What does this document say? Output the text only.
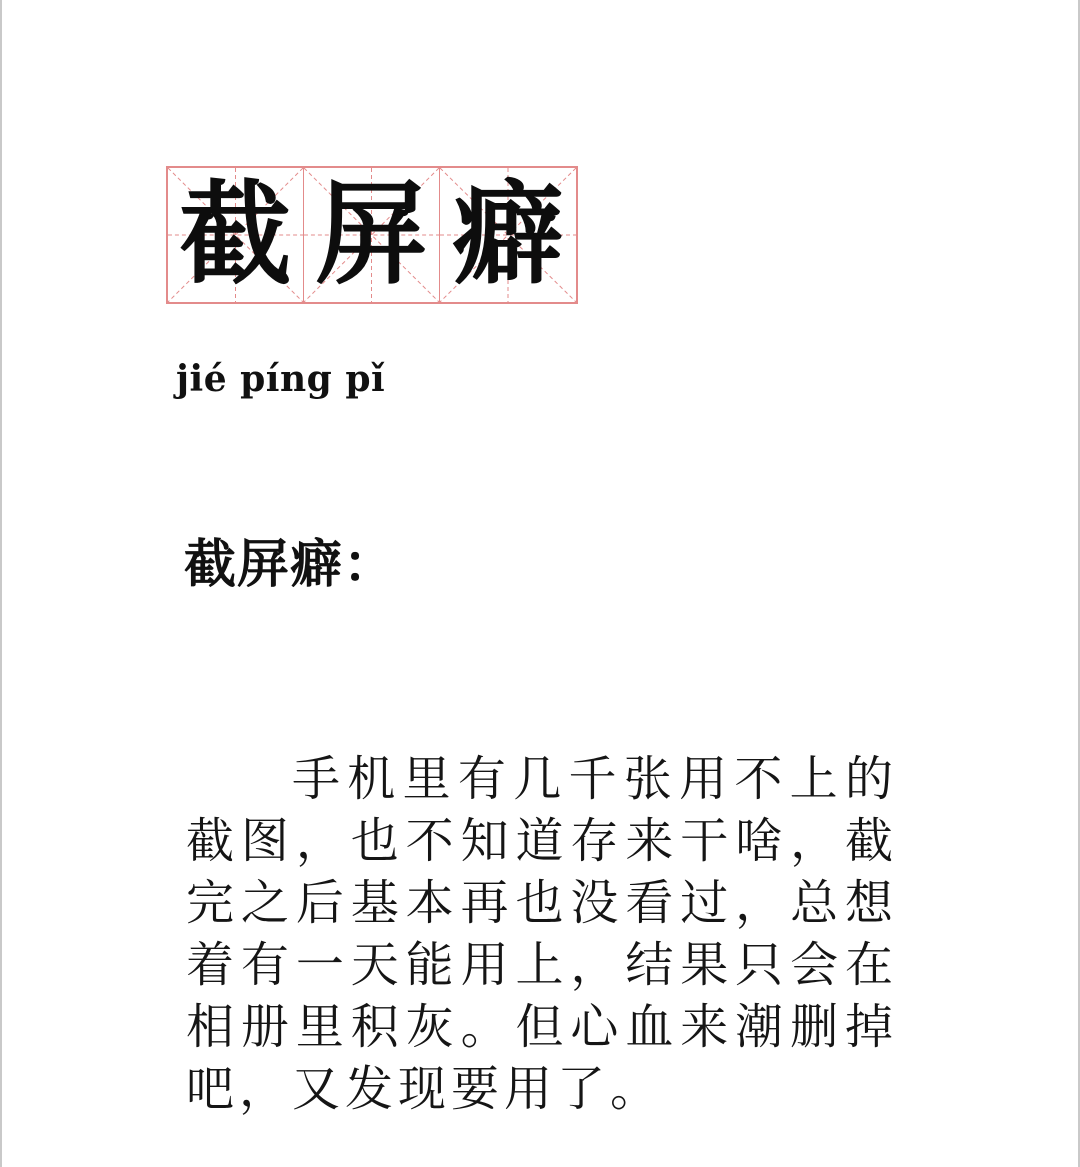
截 屏 癖
jié píng pǐ
截屏癖：
手机里有几千张用不上的截图，也不知道存来干啥，截完之后基本再也没看过，总想着有一天能用上，结果只会在相册里积灰。但心血来潮删掉吧，又发现要用了。
